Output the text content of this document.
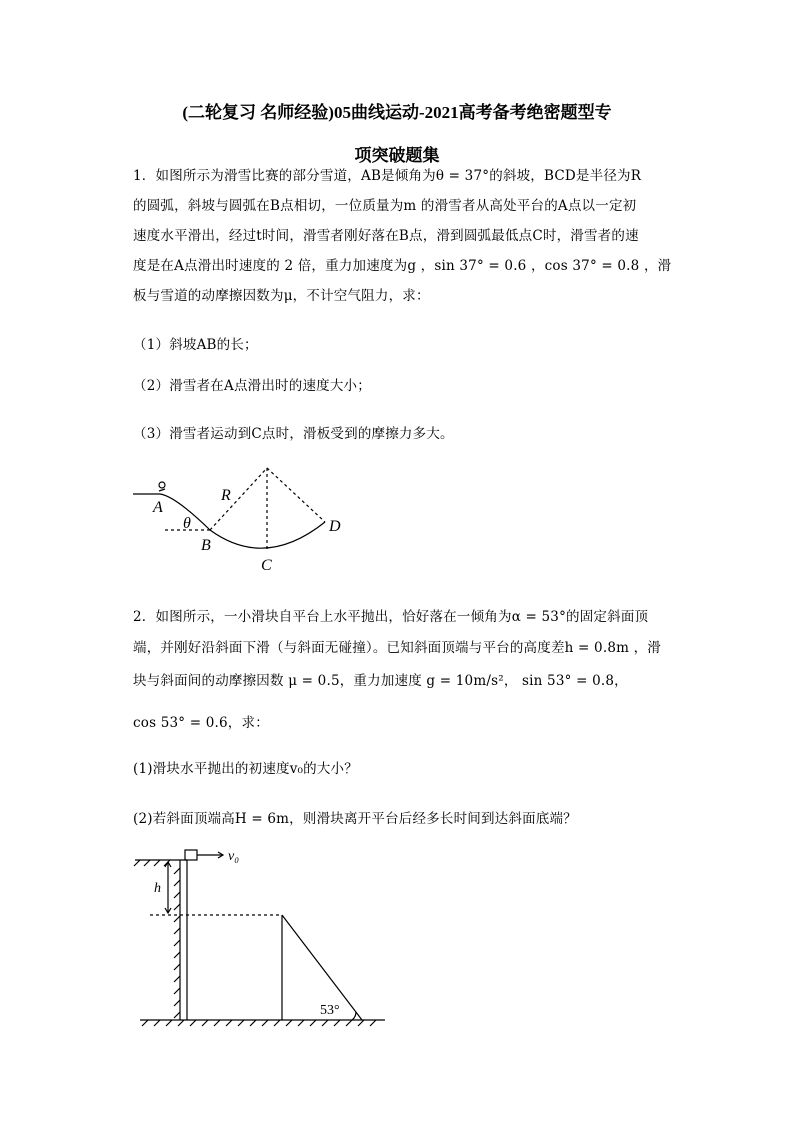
(二轮复习 名师经验)05曲线运动-2021高考备考绝密题型专
项突破题集
1．如图所示为滑雪比赛的部分雪道，AB是倾角为θ = 37°的斜坡，BCD是半径为R
的圆弧，斜坡与圆弧在B点相切，一位质量为m 的滑雪者从高处平台的A点以一定初
速度水平滑出，经过t时间，滑雪者刚好落在B点，滑到圆弧最低点C时，滑雪者的速
度是在A点滑出时速度的 2 倍，重力加速度为g ，sin 37° = 0.6 ，cos 37° = 0.8 ，滑
板与雪道的动摩擦因数为μ，不计空气阻力，求：
（1）斜坡AB的长；
（2）滑雪者在A点滑出时的速度大小；
（3）滑雪者运动到C点时，滑板受到的摩擦力多大。
A
B
C
D
R
θ
2．如图所示，一小滑块自平台上水平抛出，恰好落在一倾角为α = 53°的固定斜面顶
端，并刚好沿斜面下滑（与斜面无碰撞）。已知斜面顶端与平台的高度差h = 0.8m ，滑
块与斜面间的动摩擦因数 μ = 0.5，重力加速度 g = 10m/s²， sin 53° = 0.8，
cos 53° = 0.6，求：
(1)滑块水平抛出的初速度v₀的大小？
(2)若斜面顶端高H = 6m，则滑块离开平台后经多长时间到达斜面底端？
v₀
h
53°
